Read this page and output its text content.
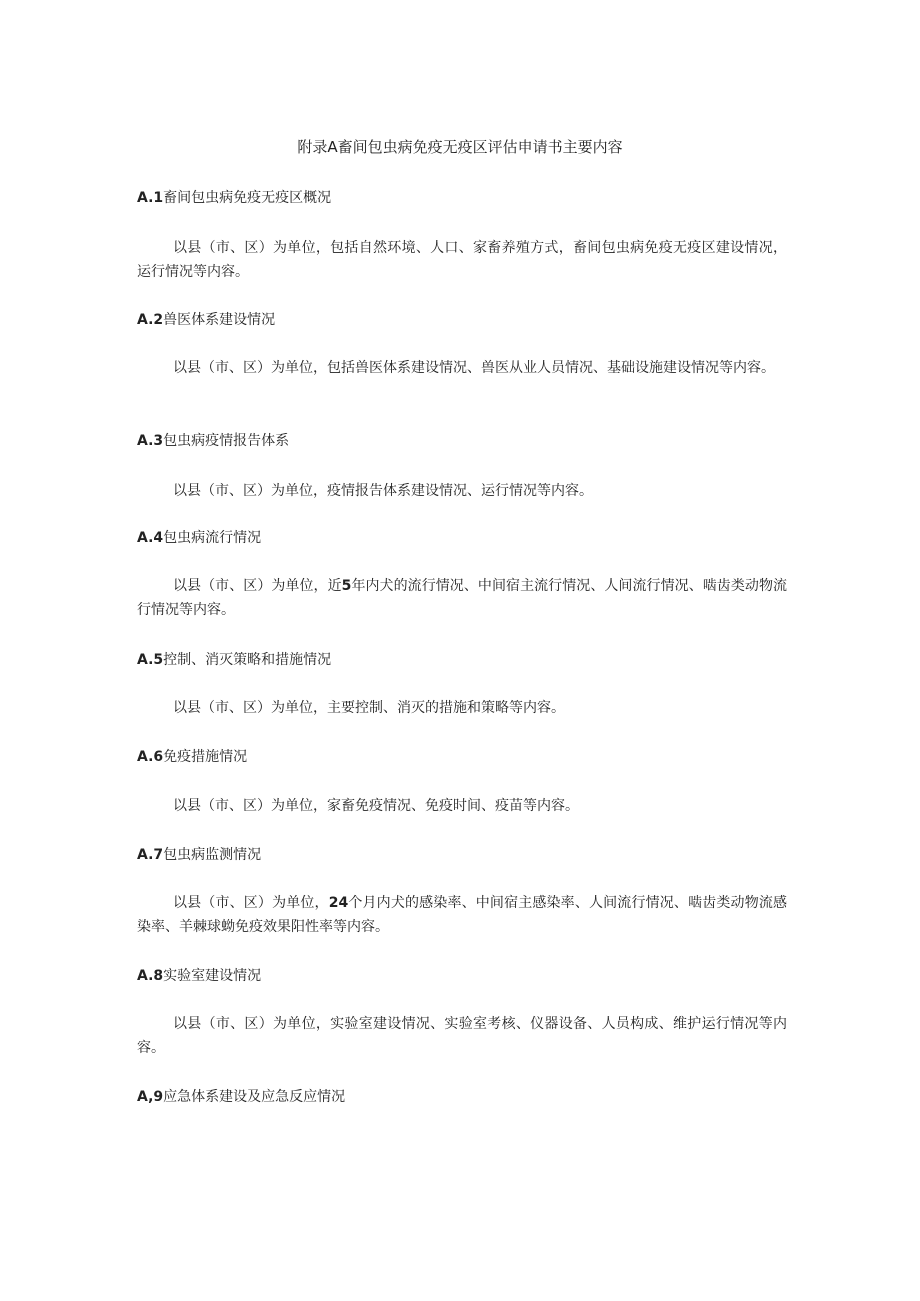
附录A畜间包虫病免疫无疫区评估申请书主要内容
A.1畜间包虫病免疫无疫区概况
以县（市、区）为单位，包括自然环境、人口、家畜养殖方式，畜间包虫病免疫无疫区建设情况，运行情况等内容。
A.2兽医体系建设情况
以县（市、区）为单位，包括兽医体系建设情况、兽医从业人员情况、基础设施建设情况等内容。
A.3包虫病疫情报告体系
以县（市、区）为单位，疫情报告体系建设情况、运行情况等内容。
A.4包虫病流行情况
以县（市、区）为单位，近5年内犬的流行情况、中间宿主流行情况、人间流行情况、啮齿类动物流行情况等内容。
A.5控制、消灭策略和措施情况
以县（市、区）为单位，主要控制、消灭的措施和策略等内容。
A.6免疫措施情况
以县（市、区）为单位，家畜免疫情况、免疫时间、疫苗等内容。
A.7包虫病监测情况
以县（市、区）为单位，24个月内犬的感染率、中间宿主感染率、人间流行情况、啮齿类动物流感染率、羊棘球蚴免疫效果阳性率等内容。
A.8实验室建设情况
以县（市、区）为单位，实验室建设情况、实验室考核、仪器设备、人员构成、维护运行情况等内容。
A,9应急体系建设及应急反应情况
